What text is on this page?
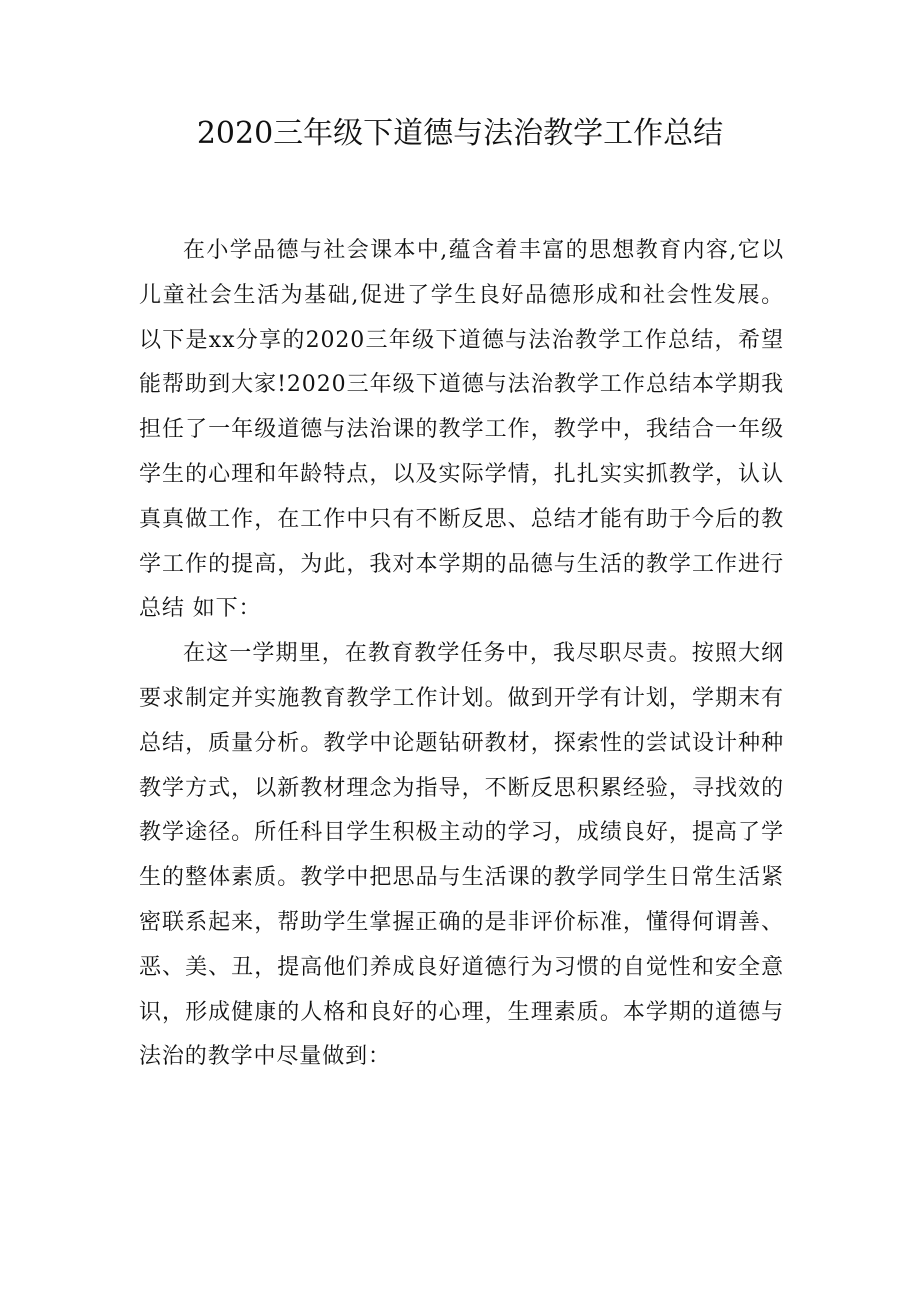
2020三年级下道德与法治教学工作总结

在小学品德与社会课本中,蕴含着丰富的思想教育内容,它以儿童社会生活为基础,促进了学生良好品德形成和社会性发展。以下是xx分享的2020三年级下道德与法治教学工作总结，希望能帮助到大家!2020三年级下道德与法治教学工作总结本学期我担任了一年级道德与法治课的教学工作，教学中，我结合一年级学生的心理和年龄特点，以及实际学情，扎扎实实抓教学，认认真真做工作，在工作中只有不断反思、总结才能有助于今后的教学工作的提高，为此，我对本学期的品德与生活的教学工作进行总结 如下：

在这一学期里，在教育教学任务中，我尽职尽责。按照大纲要求制定并实施教育教学工作计划。做到开学有计划，学期末有总结，质量分析。教学中论题钻研教材，探索性的尝试设计种种教学方式，以新教材理念为指导，不断反思积累经验，寻找效的教学途径。所任科目学生积极主动的学习，成绩良好，提高了学生的整体素质。教学中把思品与生活课的教学同学生日常生活紧密联系起来，帮助学生掌握正确的是非评价标准，懂得何谓善、恶、美、丑，提高他们养成良好道德行为习惯的自觉性和安全意识，形成健康的人格和良好的心理，生理素质。本学期的道德与法治的教学中尽量做到：
